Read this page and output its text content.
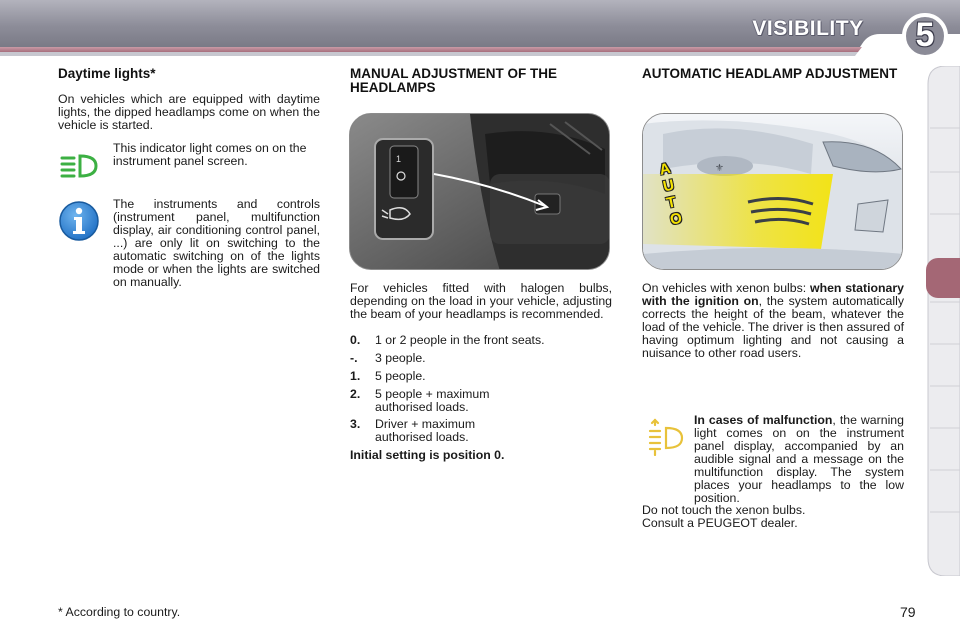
VISIBILITY	5
Daytime lights*
On vehicles which are equipped with daytime lights, the dipped headlamps come on when the vehicle is started.
This indicator light comes on on the instrument panel screen.
The instruments and controls (instrument panel, multifunction display, air conditioning control panel, ...) are only lit on switching to the automatic switching on of the lights mode or when the lights are switched on manually.
MANUAL ADJUSTMENT OF THE HEADLAMPS
1
For vehicles fitted with halogen bulbs, depending on the load in your vehicle, adjusting the beam of your headlamps is recommended.
0.	1 or 2 people in the front seats.
-.	3 people.
1.	5 people.
2.	5 people + maximum authorised loads.
3.	Driver + maximum authorised loads.
Initial setting is position 0.
AUTOMATIC HEADLAMP ADJUSTMENT
⚜
AUTO
On vehicles with xenon bulbs: when stationary with the ignition on, the system automatically corrects the height of the beam, whatever the load of the vehicle. The driver is then assured of having optimum lighting and not causing a nuisance to other road users.
In cases of malfunction, the warning light comes on on the instrument panel display, accompanied by an audible signal and a message on the multifunction display. The system places your headlamps to the low position.
Do not touch the xenon bulbs.
Consult a PEUGEOT dealer.
* According to country.	79
